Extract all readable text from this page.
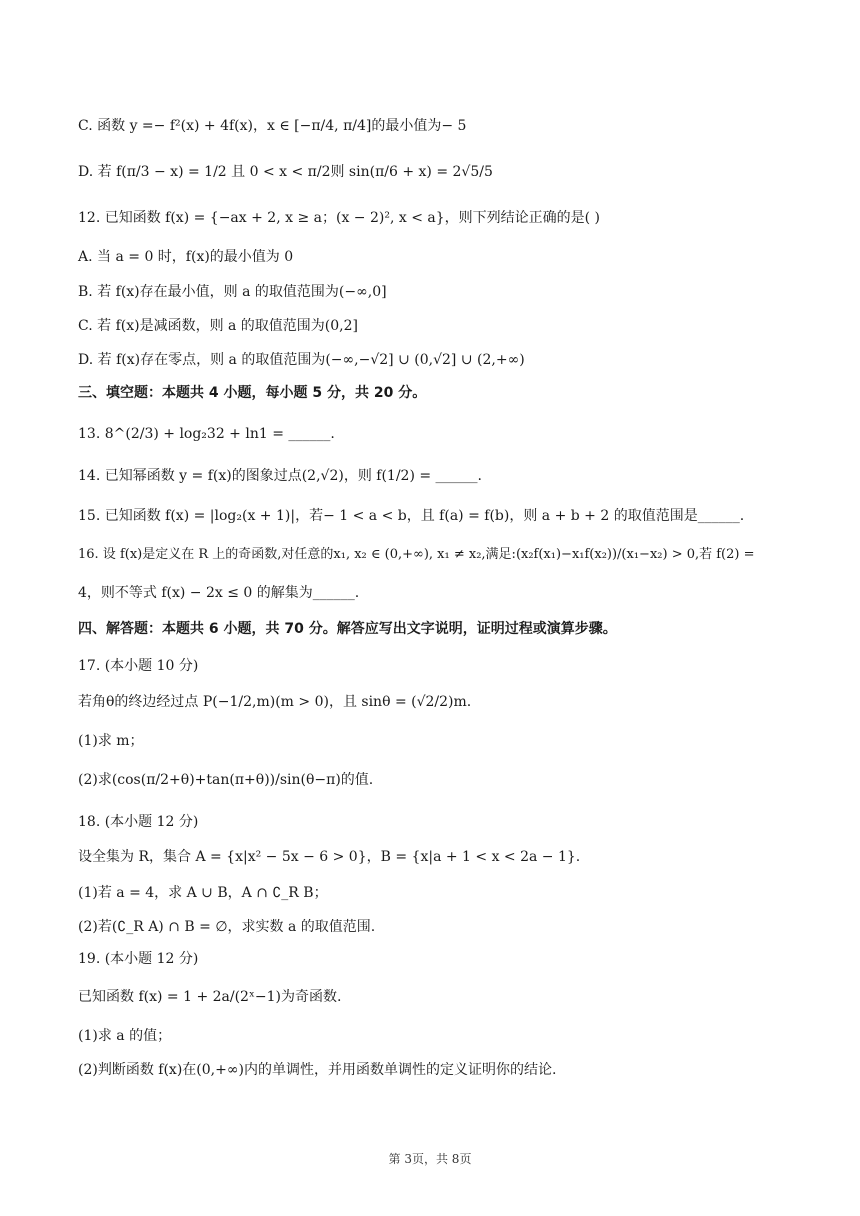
C. 函数 y =− f²(x) + 4f(x)，x ∈ [−π/4, π/4]的最小值为− 5
D. 若 f(π/3 − x) = 1/2 且 0 < x < π/2则 sin(π/6 + x) = 2√5/5
12. 已知函数 f(x) = {−ax + 2, x ≥ a；(x − 2)², x < a}，则下列结论正确的是( )
A. 当 a = 0 时，f(x)的最小值为 0
B. 若 f(x)存在最小值，则 a 的取值范围为(−∞,0]
C. 若 f(x)是减函数，则 a 的取值范围为(0,2]
D. 若 f(x)存在零点，则 a 的取值范围为(−∞,−√2] ∪ (0,√2] ∪ (2,+∞)
三、填空题：本题共 4 小题，每小题 5 分，共 20 分。
13. 8^(2/3) + log₂32 + ln1 = ______.
14. 已知幂函数 y = f(x)的图象过点(2,√2)，则 f(1/2) = ______.
15. 已知函数 f(x) = |log₂(x + 1)|，若− 1 < a < b，且 f(a) = f(b)，则 a + b + 2 的取值范围是______.
16. 设 f(x)是定义在 R 上的奇函数,对任意的x₁, x₂ ∈ (0,+∞), x₁ ≠ x₂,满足:(x₂f(x₁)−x₁f(x₂))/(x₁−x₂) > 0,若 f(2) =
4，则不等式 f(x) − 2x ≤ 0 的解集为______.
四、解答题：本题共 6 小题，共 70 分。解答应写出文字说明，证明过程或演算步骤。
17. (本小题 10 分)
若角θ的终边经过点 P(−1/2,m)(m > 0)，且 sinθ = (√2/2)m.
(1)求 m；
(2)求(cos(π/2+θ)+tan(π+θ))/sin(θ−π)的值.
18. (本小题 12 分)
设全集为 R，集合 A = {x|x² − 5x − 6 > 0}，B = {x|a + 1 < x < 2a − 1}.
(1)若 a = 4，求 A ∪ B，A ∩ ∁_R B；
(2)若(∁_R A) ∩ B = ∅，求实数 a 的取值范围.
19. (本小题 12 分)
已知函数 f(x) = 1 + 2a/(2ˣ−1)为奇函数.
(1)求 a 的值；
(2)判断函数 f(x)在(0,+∞)内的单调性，并用函数单调性的定义证明你的结论.
第 3页，共 8页
